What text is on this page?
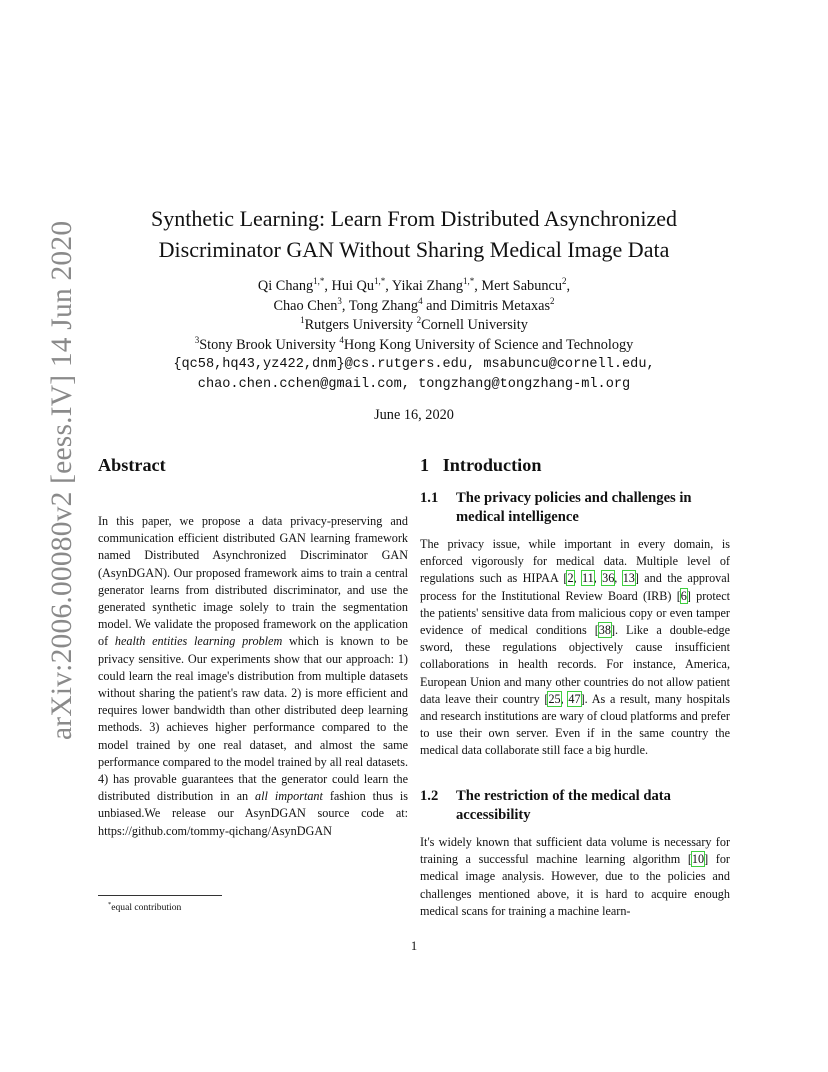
arXiv:2006.00080v2 [eess.IV] 14 Jun 2020
Synthetic Learning: Learn From Distributed Asynchronized
Discriminator GAN Without Sharing Medical Image Data
Qi Chang$^{1,*}$, Hui $Qu^{1,*}$, Yikai Zhang$^{1,*}$, Mert Sabuncu$^2$,
Chao Chen$^3$, Tong Zhang$^4$ and Dimitris Metaxas$^2$
$^1$Rutgers University $^2$Cornell University
$^3$Stony Brook University $^4$Hong Kong University of Science and Technology
{qc58,hq43,yz422,dnm}@cs.rutgers.edu, msabuncu@cornell.edu,
chao.chen.cchen@gmail.com, tongzhang@tongzhang-ml.org
June 16, 2020
Abstract
In this paper, we propose a data privacy-preserving and communication efficient distributed GAN learning framework named Distributed Asynchronized Discriminator GAN (AsynDGAN). Our proposed framework aims to train a central generator learns from distributed discriminator, and use the generated synthetic image solely to train the segmentation model. We validate the proposed framework on the application of health entities learning problem which is known to be privacy sensitive. Our experiments show that our approach: 1) could learn the real image's distribution from multiple datasets without sharing the patient's raw data. 2) is more efficient and requires lower bandwidth than other distributed deep learning methods. 3) achieves higher performance compared to the model trained by one real dataset, and almost the same performance compared to the model trained by all real datasets. 4) has provable guarantees that the generator could learn the distributed distribution in an all important fashion thus is unbiased.We release our AsynDGAN source code at: https://github.com/tommy-qichang/AsynDGAN
*equal contribution
1 Introduction
1.1	The privacy policies and challenges in medical intelligence
The privacy issue, while important in every domain, is enforced vigorously for medical data. Multiple level of regulations such as HIPAA [2, 11, 36, 13] and the approval process for the Institutional Review Board (IRB) [6] protect the patients' sensitive data from malicious copy or even tamper evidence of medical conditions [38]. Like a double-edge sword, these regulations objectively cause insufficient collaborations in health records. For instance, America, European Union and many other countries do not allow patient data leave their country [25, 47]. As a result, many hospitals and research institutions are wary of cloud platforms and prefer to use their own server. Even if in the same country the medical data collaborate still face a big hurdle.
1.2	The restriction of the medical data accessibility
It's widely known that sufficient data volume is necessary for training a successful machine learning algorithm [10] for medical image analysis. However, due to the policies and challenges mentioned above, it is hard to acquire enough medical scans for training a machine learn-
1
